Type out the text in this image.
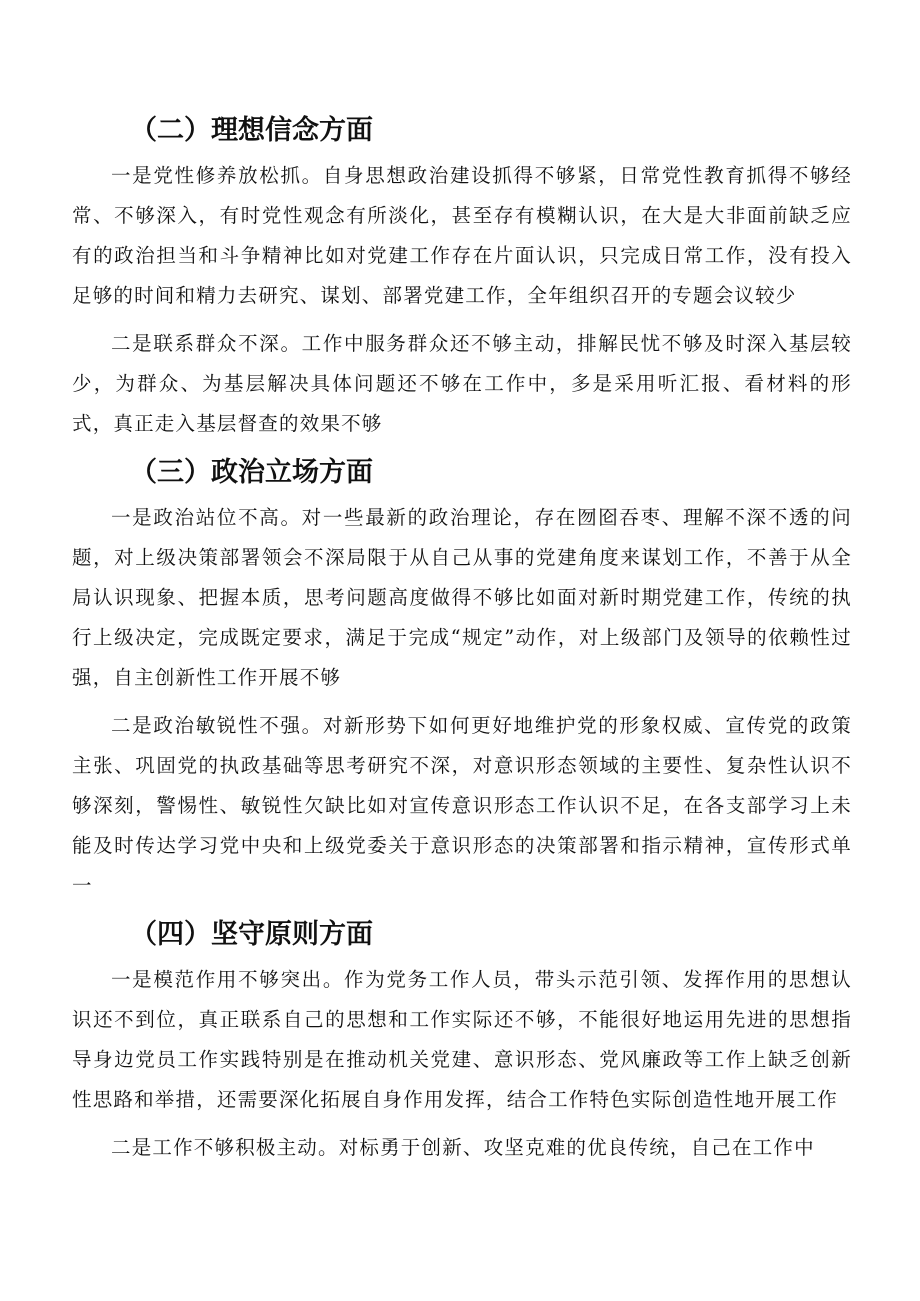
（二）理想信念方面

一是党性修养放松抓。自身思想政治建设抓得不够紧，日常党性教育抓得不够经常、不够深入，有时党性观念有所淡化，甚至存有模糊认识，在大是大非面前缺乏应有的政治担当和斗争精神比如对党建工作存在片面认识，只完成日常工作，没有投入足够的时间和精力去研究、谋划、部署党建工作，全年组织召开的专题会议较少

二是联系群众不深。工作中服务群众还不够主动，排解民忧不够及时深入基层较少，为群众、为基层解决具体问题还不够在工作中，多是采用听汇报、看材料的形式，真正走入基层督查的效果不够

（三）政治立场方面

一是政治站位不高。对一些最新的政治理论，存在囫囵吞枣、理解不深不透的问题，对上级决策部署领会不深局限于从自己从事的党建角度来谋划工作，不善于从全局认识现象、把握本质，思考问题高度做得不够比如面对新时期党建工作，传统的执行上级决定，完成既定要求，满足于完成“规定”动作，对上级部门及领导的依赖性过强，自主创新性工作开展不够

二是政治敏锐性不强。对新形势下如何更好地维护党的形象权威、宣传党的政策主张、巩固党的执政基础等思考研究不深，对意识形态领域的主要性、复杂性认识不够深刻，警惕性、敏锐性欠缺比如对宣传意识形态工作认识不足，在各支部学习上未能及时传达学习党中央和上级党委关于意识形态的决策部署和指示精神，宣传形式单一

（四）坚守原则方面

一是模范作用不够突出。作为党务工作人员，带头示范引领、发挥作用的思想认识还不到位，真正联系自己的思想和工作实际还不够，不能很好地运用先进的思想指导身边党员工作实践特别是在推动机关党建、意识形态、党风廉政等工作上缺乏创新性思路和举措，还需要深化拓展自身作用发挥，结合工作特色实际创造性地开展工作

二是工作不够积极主动。对标勇于创新、攻坚克难的优良传统，自己在工作中
